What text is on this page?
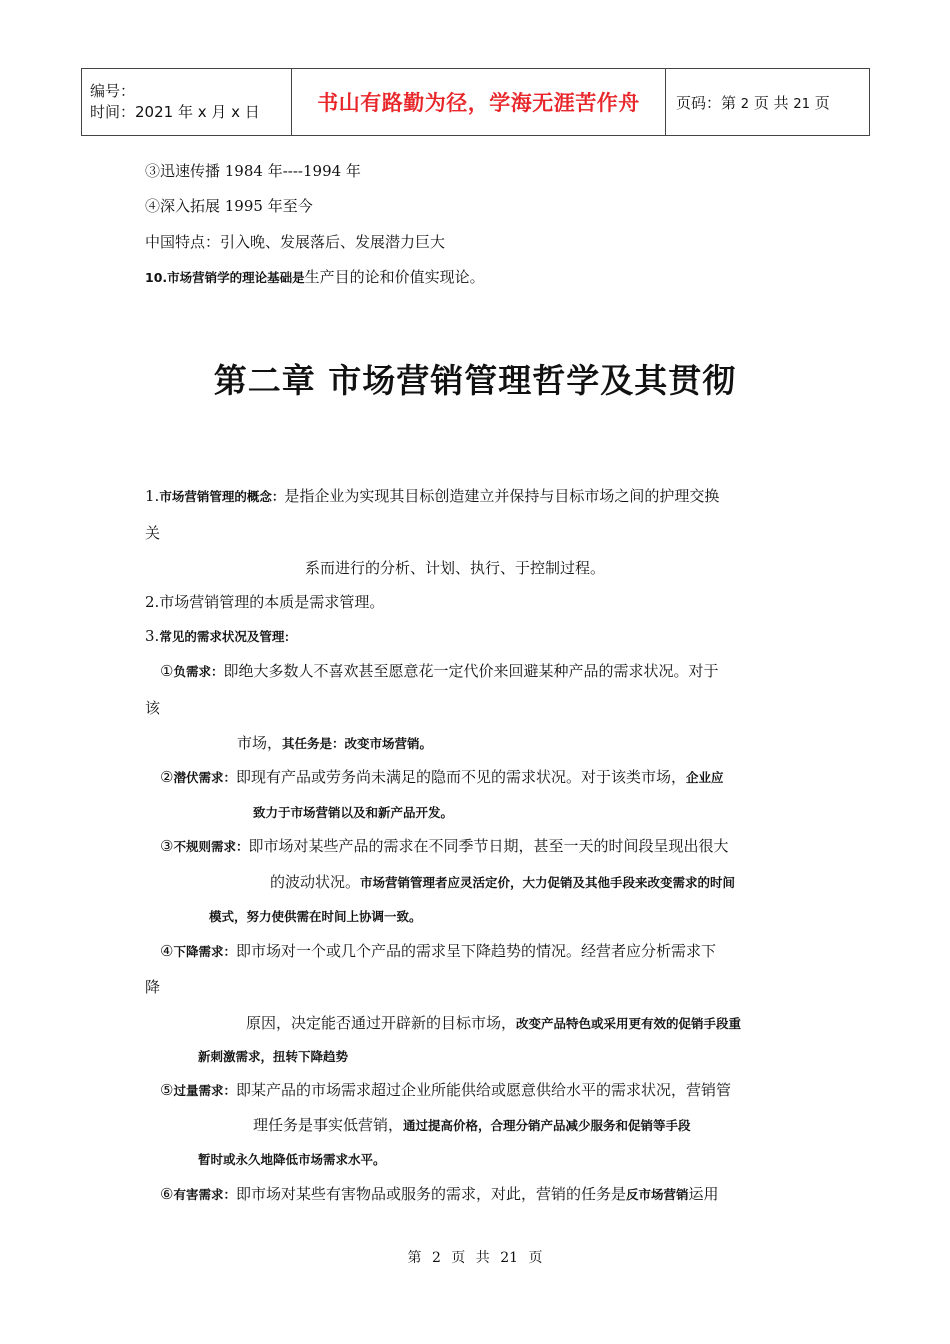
编号：
时间：2021 年 x 月 x 日	书山有路勤为径，学海无涯苦作舟	页码：第 2 页 共 21 页
③迅速传播 1984 年----1994 年
④深入拓展 1995 年至今
中国特点：引入晚、发展落后、发展潜力巨大
10.市场营销学的理论基础是生产目的论和价值实现论。
第二章 市场营销管理哲学及其贯彻
1.市场营销管理的概念：是指企业为实现其目标创造建立并保持与目标市场之间的护理交换
关
系而进行的分析、计划、执行、于控制过程。
2.市场营销管理的本质是需求管理。
3.常见的需求状况及管理:
①负需求：即绝大多数人不喜欢甚至愿意花一定代价来回避某种产品的需求状况。对于
该
市场，其任务是：改变市场营销。
②潜伏需求：即现有产品或劳务尚未满足的隐而不见的需求状况。对于该类市场，企业应
致力于市场营销以及和新产品开发。
③不规则需求：即市场对某些产品的需求在不同季节日期，甚至一天的时间段呈现出很大
的波动状况。市场营销管理者应灵活定价，大力促销及其他手段来改变需求的时间
模式，努力使供需在时间上协调一致。
④下降需求：即市场对一个或几个产品的需求呈下降趋势的情况。经营者应分析需求下
降
原因，决定能否通过开辟新的目标市场，改变产品特色或采用更有效的促销手段重
新刺激需求，扭转下降趋势
⑤过量需求：即某产品的市场需求超过企业所能供给或愿意供给水平的需求状况，营销管
理任务是事实低营销，通过提高价格，合理分销产品减少服务和促销等手段
暂时或永久地降低市场需求水平。
⑥有害需求：即市场对某些有害物品或服务的需求，对此，营销的任务是反市场营销运用
第 2 页 共 21 页
